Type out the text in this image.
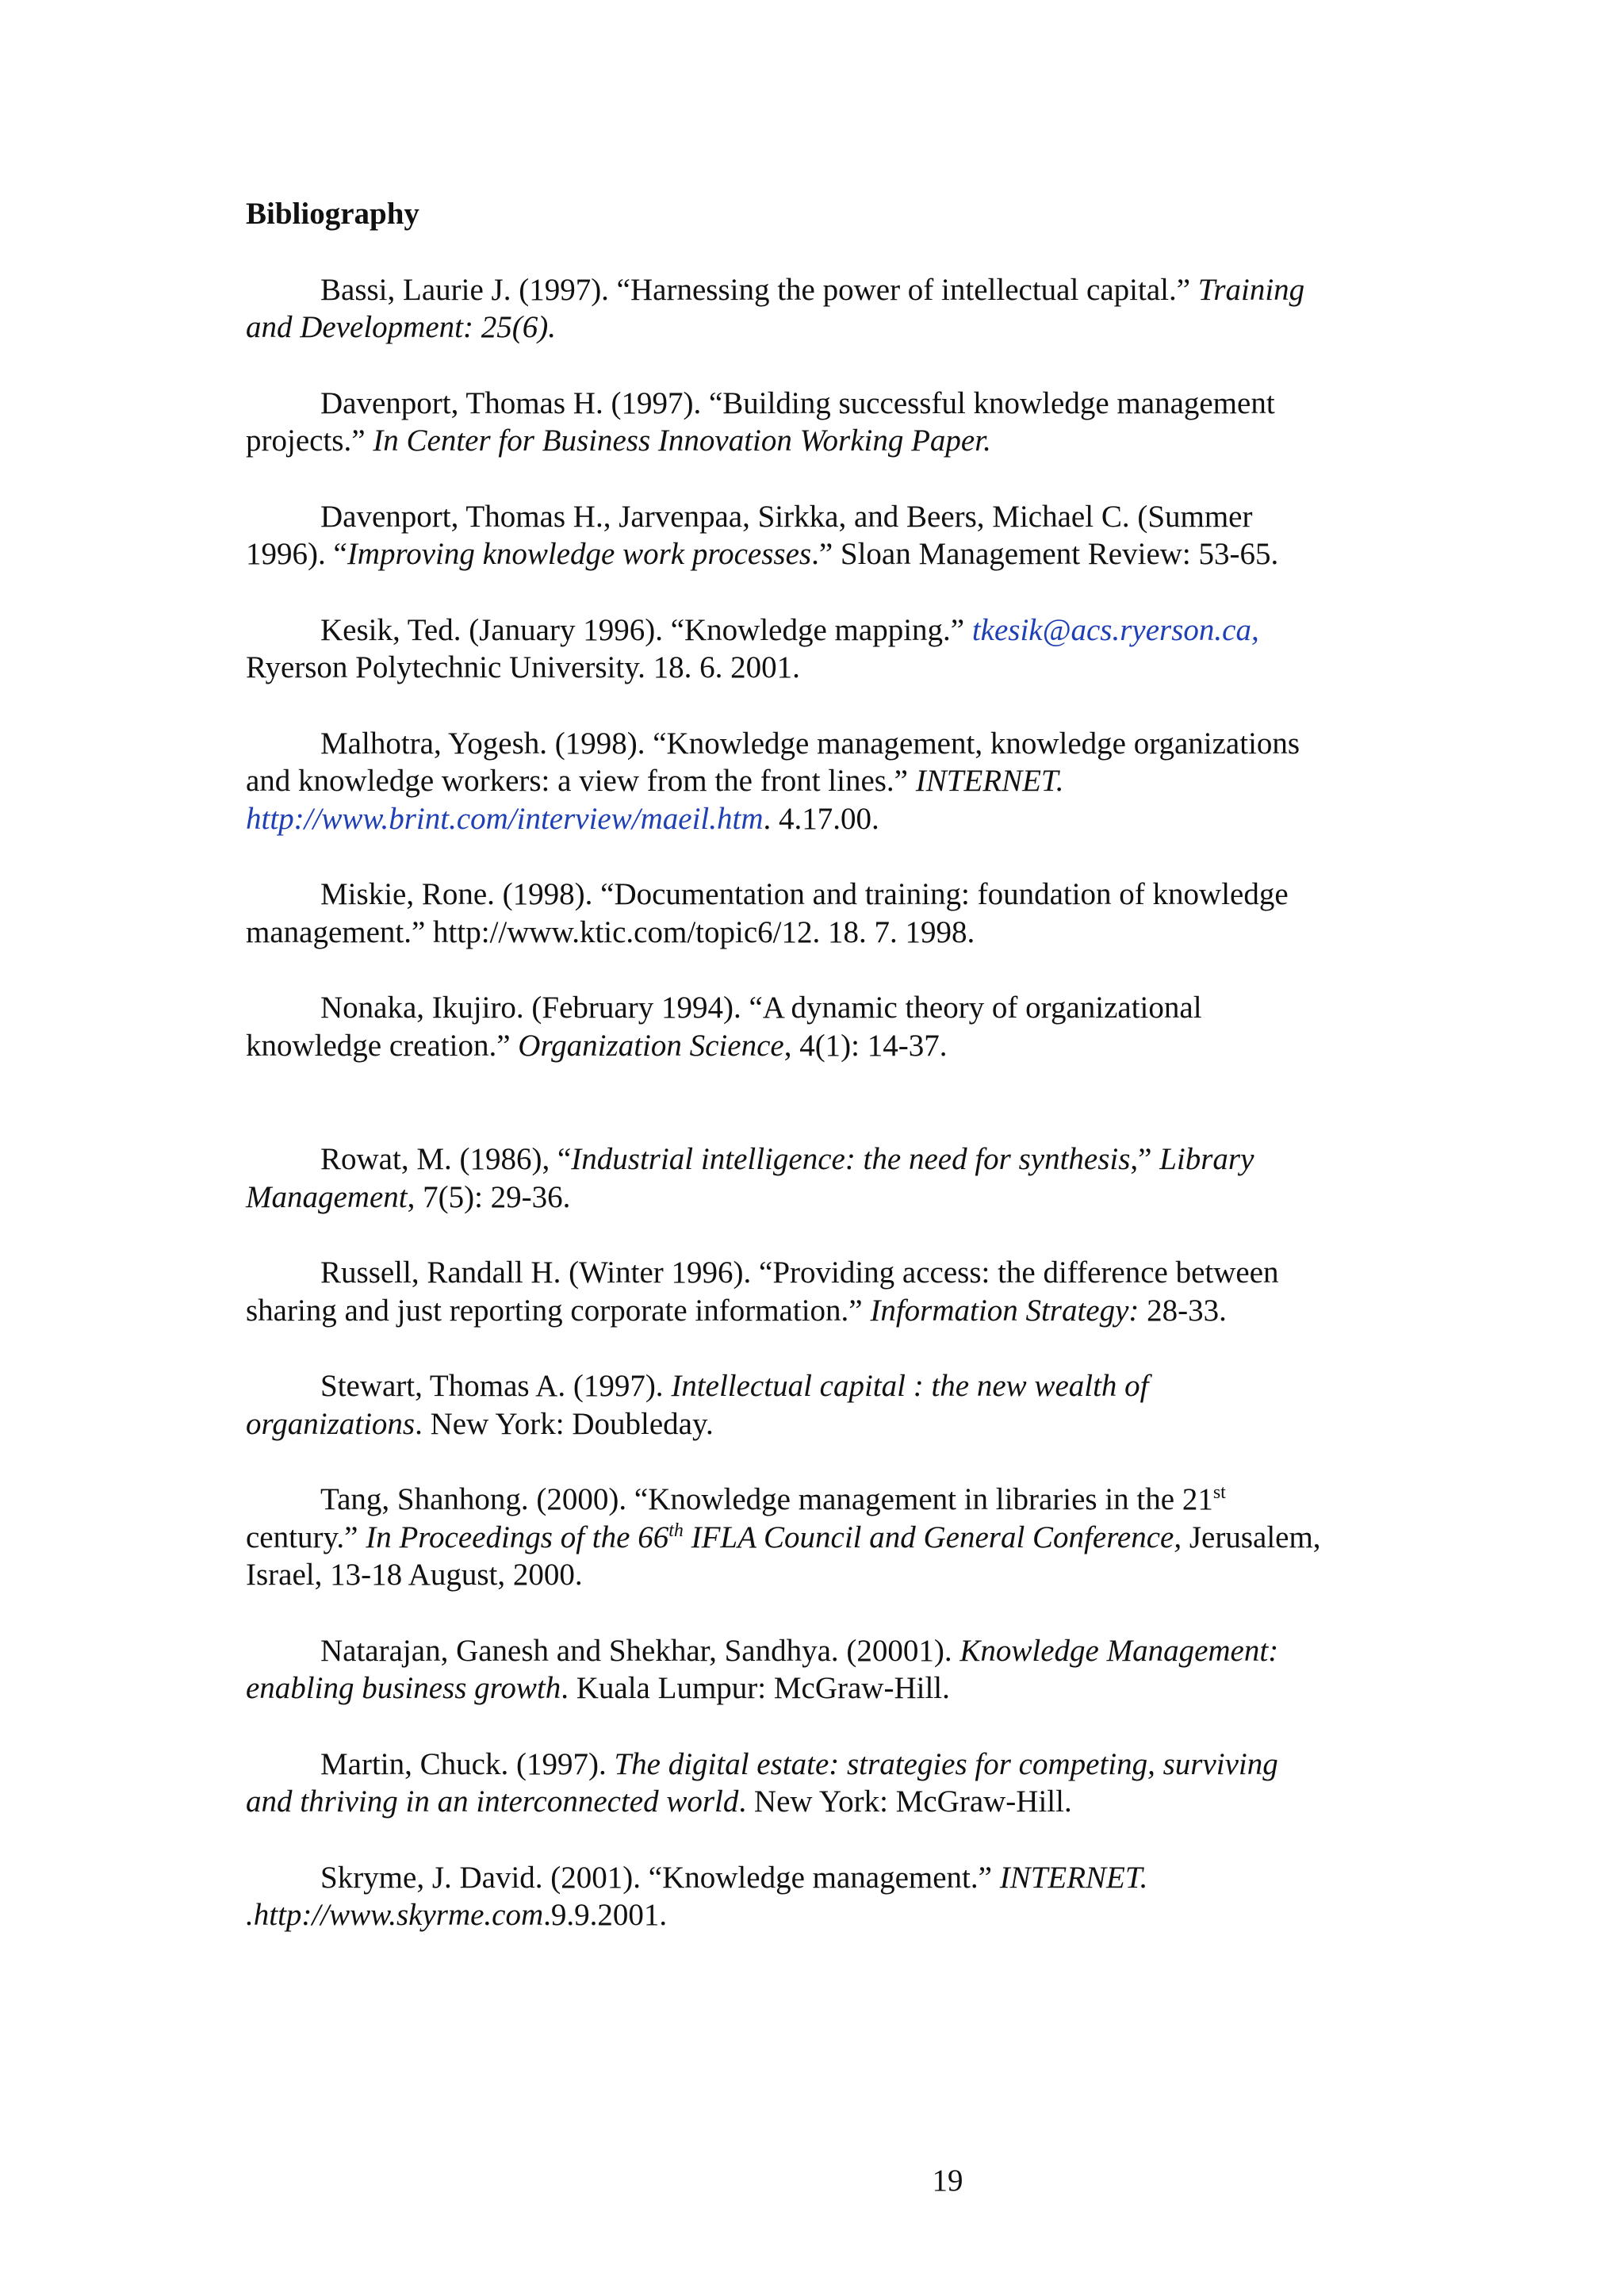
Bibliography

Bassi, Laurie J. (1997). “Harnessing the power of intellectual capital.” Training and Development: 25(6).

Davenport, Thomas H. (1997). “Building successful knowledge management projects.” In Center for Business Innovation Working Paper.

Davenport, Thomas H., Jarvenpaa, Sirkka, and Beers, Michael C. (Summer 1996). “Improving knowledge work processes.” Sloan Management Review: 53-65.

Kesik, Ted. (January 1996). “Knowledge mapping.” tkesik@acs.ryerson.ca, Ryerson Polytechnic University. 18. 6. 2001.

Malhotra, Yogesh. (1998). “Knowledge management, knowledge organizations and knowledge workers: a view from the front lines.” INTERNET. http://www.brint.com/interview/maeil.htm. 4.17.00.

Miskie, Rone. (1998). “Documentation and training: foundation of knowledge management.” http://www.ktic.com/topic6/12. 18. 7. 1998.

Nonaka, Ikujiro. (February 1994). “A dynamic theory of organizational knowledge creation.” Organization Science, 4(1): 14-37.

Rowat, M. (1986), “Industrial intelligence: the need for synthesis,” Library Management, 7(5): 29-36.

Russell, Randall H. (Winter 1996). “Providing access: the difference between sharing and just reporting corporate information.” Information Strategy: 28-33.

Stewart, Thomas A. (1997). Intellectual capital : the new wealth of organizations. New York: Doubleday.

Tang, Shanhong. (2000). “Knowledge management in libraries in the 21st century.” In Proceedings of the 66th IFLA Council and General Conference, Jerusalem, Israel, 13-18 August, 2000.

Natarajan, Ganesh and Shekhar, Sandhya. (20001). Knowledge Management: enabling business growth. Kuala Lumpur: McGraw-Hill.

Martin, Chuck. (1997). The digital estate: strategies for competing, surviving and thriving in an interconnected world. New York: McGraw-Hill.

Skryme, J. David. (2001). “Knowledge management.” INTERNET. .http://www.skyrme.com.9.9.2001.

19
